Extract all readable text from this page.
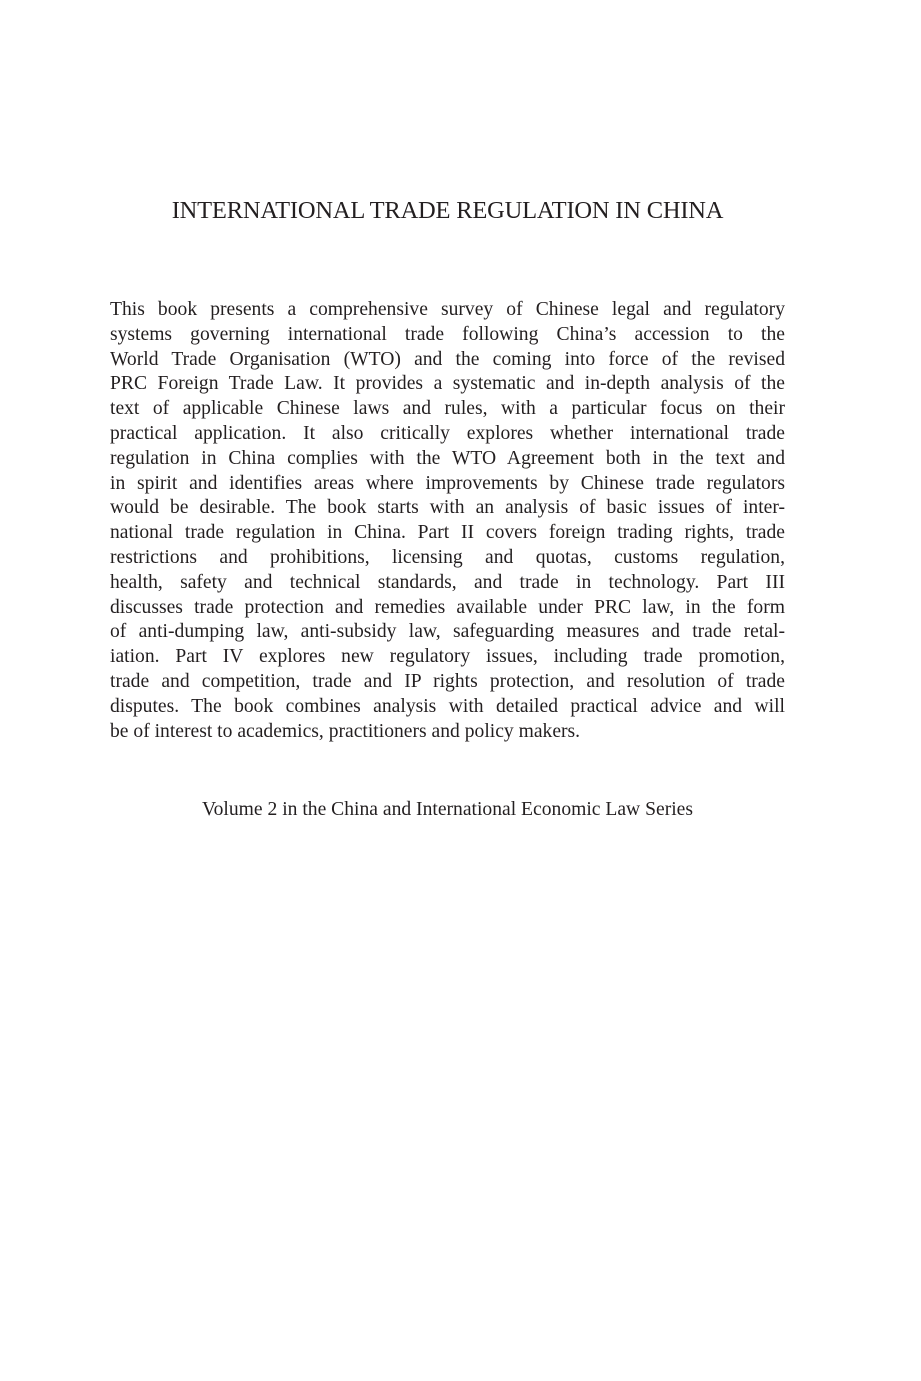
INTERNATIONAL TRADE REGULATION IN CHINA
This book presents a comprehensive survey of Chinese legal and regulatory
systems governing international trade following China’s accession to the
World Trade Organisation (WTO) and the coming into force of the revised
PRC Foreign Trade Law. It provides a systematic and in-depth analysis of the
text of applicable Chinese laws and rules, with a particular focus on their
practical application. It also critically explores whether international trade
regulation in China complies with the WTO Agreement both in the text and
in spirit and identifies areas where improvements by Chinese trade regulators
would be desirable. The book starts with an analysis of basic issues of inter-
national trade regulation in China. Part II covers foreign trading rights, trade
restrictions and prohibitions, licensing and quotas, customs regulation,
health, safety and technical standards, and trade in technology. Part III
discusses trade protection and remedies available under PRC law, in the form
of anti-dumping law, anti-subsidy law, safeguarding measures and trade retal-
iation. Part IV explores new regulatory issues, including trade promotion,
trade and competition, trade and IP rights protection, and resolution of trade
disputes. The book combines analysis with detailed practical advice and will
be of interest to academics, practitioners and policy makers.

Volume 2 in the China and International Economic Law Series
